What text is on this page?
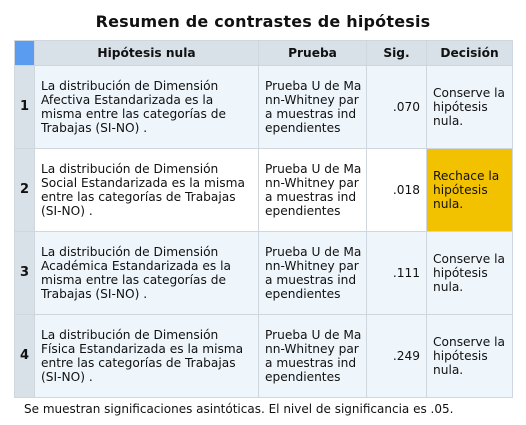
Resumen de contrastes de hipótesis
	Hipótesis nula	Prueba	Sig.	Decisión
1	La distribución de Dimensión Afectiva Estandarizada es la misma entre las categorías de Trabajas (SI-NO) .	Prueba U de Mann-Whitney para muestras independientes	.070	Conserve la hipótesis nula.
2	La distribución de Dimensión Social Estandarizada es la misma entre las categorías de Trabajas (SI-NO) .	Prueba U de Mann-Whitney para muestras independientes	.018	Rechace la hipótesis nula.
3	La distribución de Dimensión Académica Estandarizada es la misma entre las categorías de Trabajas (SI-NO) .	Prueba U de Mann-Whitney para muestras independientes	.111	Conserve la hipótesis nula.
4	La distribución de Dimensión Física Estandarizada es la misma entre las categorías de Trabajas (SI-NO) .	Prueba U de Mann-Whitney para muestras independientes	.249	Conserve la hipótesis nula.
Se muestran significaciones asintóticas. El nivel de significancia es .05.
